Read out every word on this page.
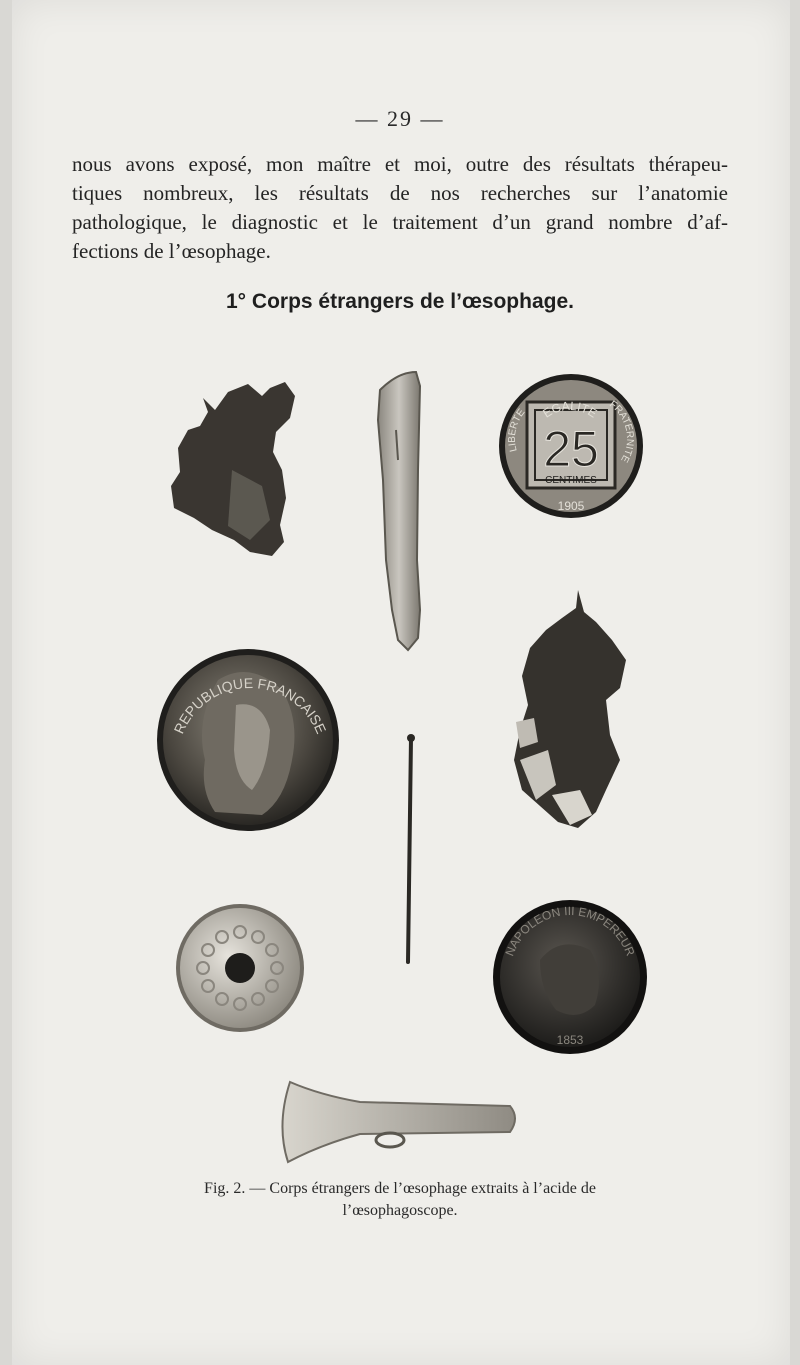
— 29 —
nous avons exposé, mon maître et moi, outre des résultats thérapeu-
tiques nombreux, les résultats de nos recherches sur l’anatomie
pathologique, le diagnostic et le traitement d’un grand nombre d’af-
fections de l’œsophage.
1° Corps étrangers de l’œsophage.
25
CENTIMES
EGALITE
LIBERTE
FRATERNITE
1905
REPUBLIQUE FRANCAISE
NAPOLEON III EMPEREUR
1853
Fig. 2. — Corps étrangers de l’œsophage extraits à l’acide de
l’œsophagoscope.
